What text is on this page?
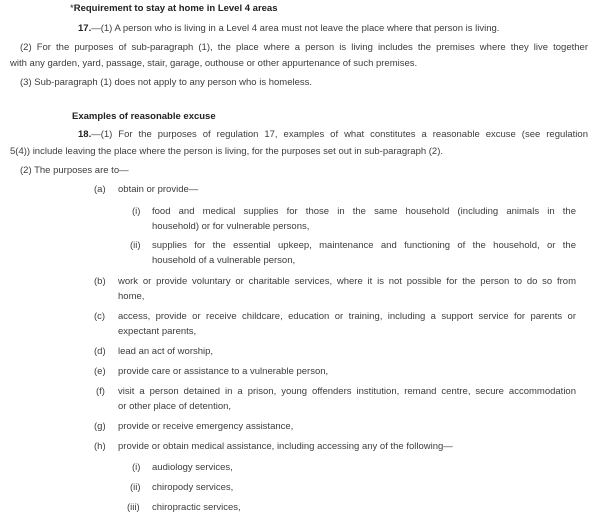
*Requirement to stay at home in Level 4 areas
17.—(1) A person who is living in a Level 4 area must not leave the place where that person is living.
(2) For the purposes of sub-paragraph (1), the place where a person is living includes the premises where they live together
with any garden, yard, passage, stair, garage, outhouse or other appurtenance of such premises.
(3) Sub-paragraph (1) does not apply to any person who is homeless.
Examples of reasonable excuse
18.—(1) For the purposes of regulation 17, examples of what constitutes a reasonable excuse (see regulation
5(4)) include leaving the place where the person is living, for the purposes set out in sub-paragraph (2).
(2) The purposes are to—
(a) obtain or provide—
(i) food and medical supplies for those in the same household (including animals in the
household) or for vulnerable persons,
(ii) supplies for the essential upkeep, maintenance and functioning of the household, or the
household of a vulnerable person,
(b) work or provide voluntary or charitable services, where it is not possible for the person to do so from
home,
(c) access, provide or receive childcare, education or training, including a support service for parents or
expectant parents,
(d) lead an act of worship,
(e) provide care or assistance to a vulnerable person,
(f) visit a person detained in a prison, young offenders institution, remand centre, secure accommodation
or other place of detention,
(g) provide or receive emergency assistance,
(h) provide or obtain medical assistance, including accessing any of the following—
(i) audiology services,
(ii) chiropody services,
(iii) chiropractic services,
